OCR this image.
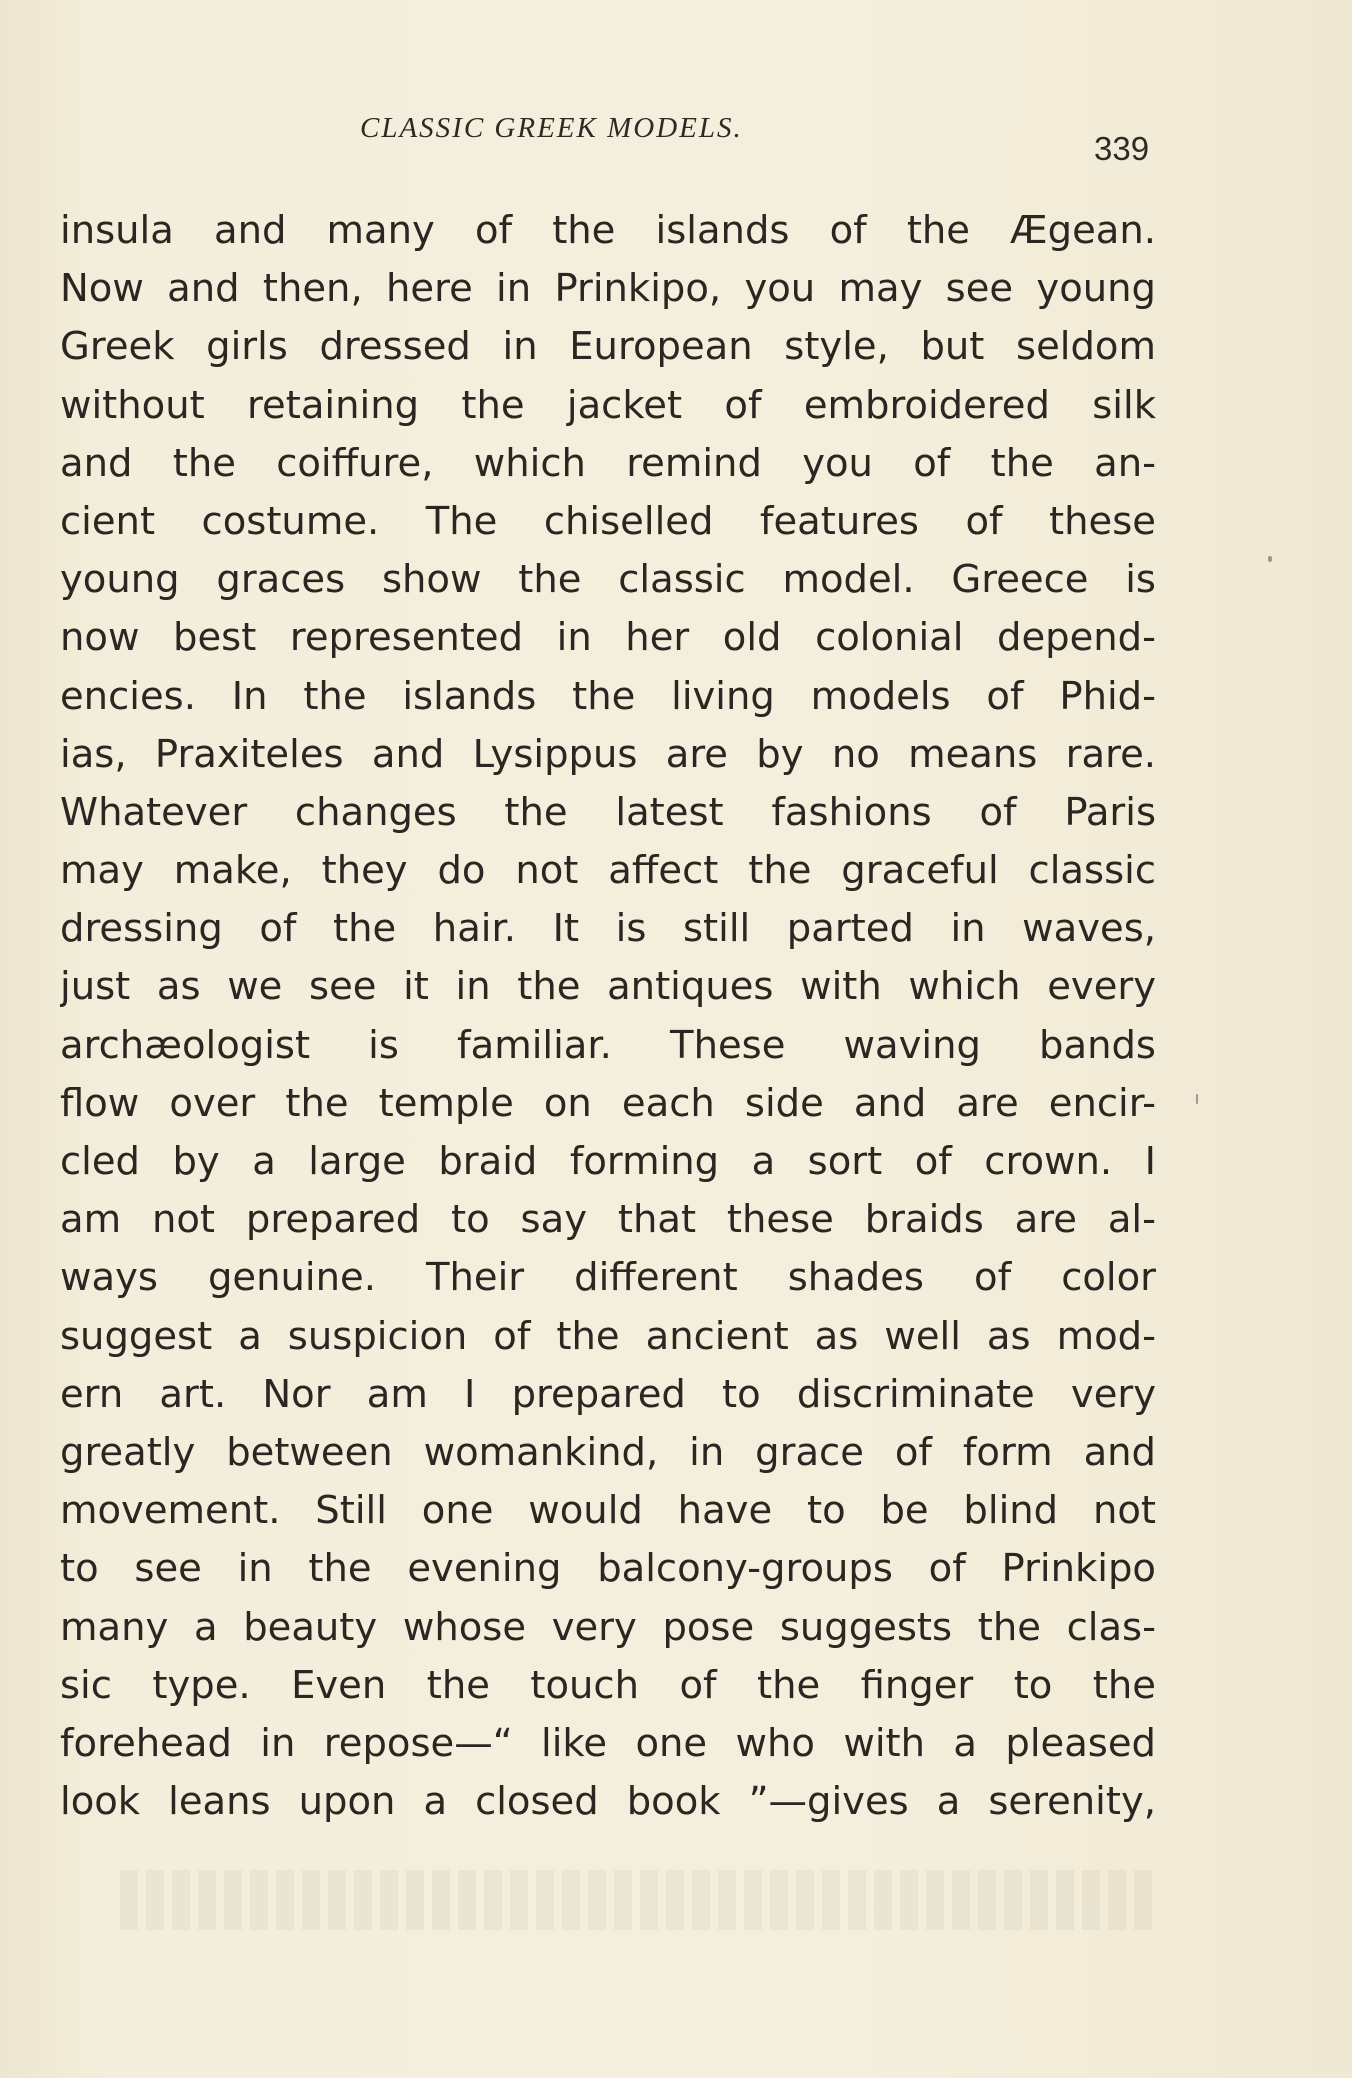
CLASSIC GREEK MODELS.
339
insula and many of the islands of the Ægean.
Now and then, here in Prinkipo, you may see young
Greek girls dressed in European style, but seldom
without retaining the jacket of embroidered silk
and the coiffure, which remind you of the an-
cient costume. The chiselled features of these
young graces show the classic model. Greece is
now best represented in her old colonial depend-
encies. In the islands the living models of Phid-
ias, Praxiteles and Lysippus are by no means rare.
Whatever changes the latest fashions of Paris
may make, they do not affect the graceful classic
dressing of the hair. It is still parted in waves,
just as we see it in the antiques with which every
archæologist is familiar. These waving bands
flow over the temple on each side and are encir-
cled by a large braid forming a sort of crown. I
am not prepared to say that these braids are al-
ways genuine. Their different shades of color
suggest a suspicion of the ancient as well as mod-
ern art. Nor am I prepared to discriminate very
greatly between womankind, in grace of form and
movement. Still one would have to be blind not
to see in the evening balcony-groups of Prinkipo
many a beauty whose very pose suggests the clas-
sic type. Even the touch of the finger to the
forehead in repose—“ like one who with a pleased
look leans upon a closed book ”—gives a serenity,
